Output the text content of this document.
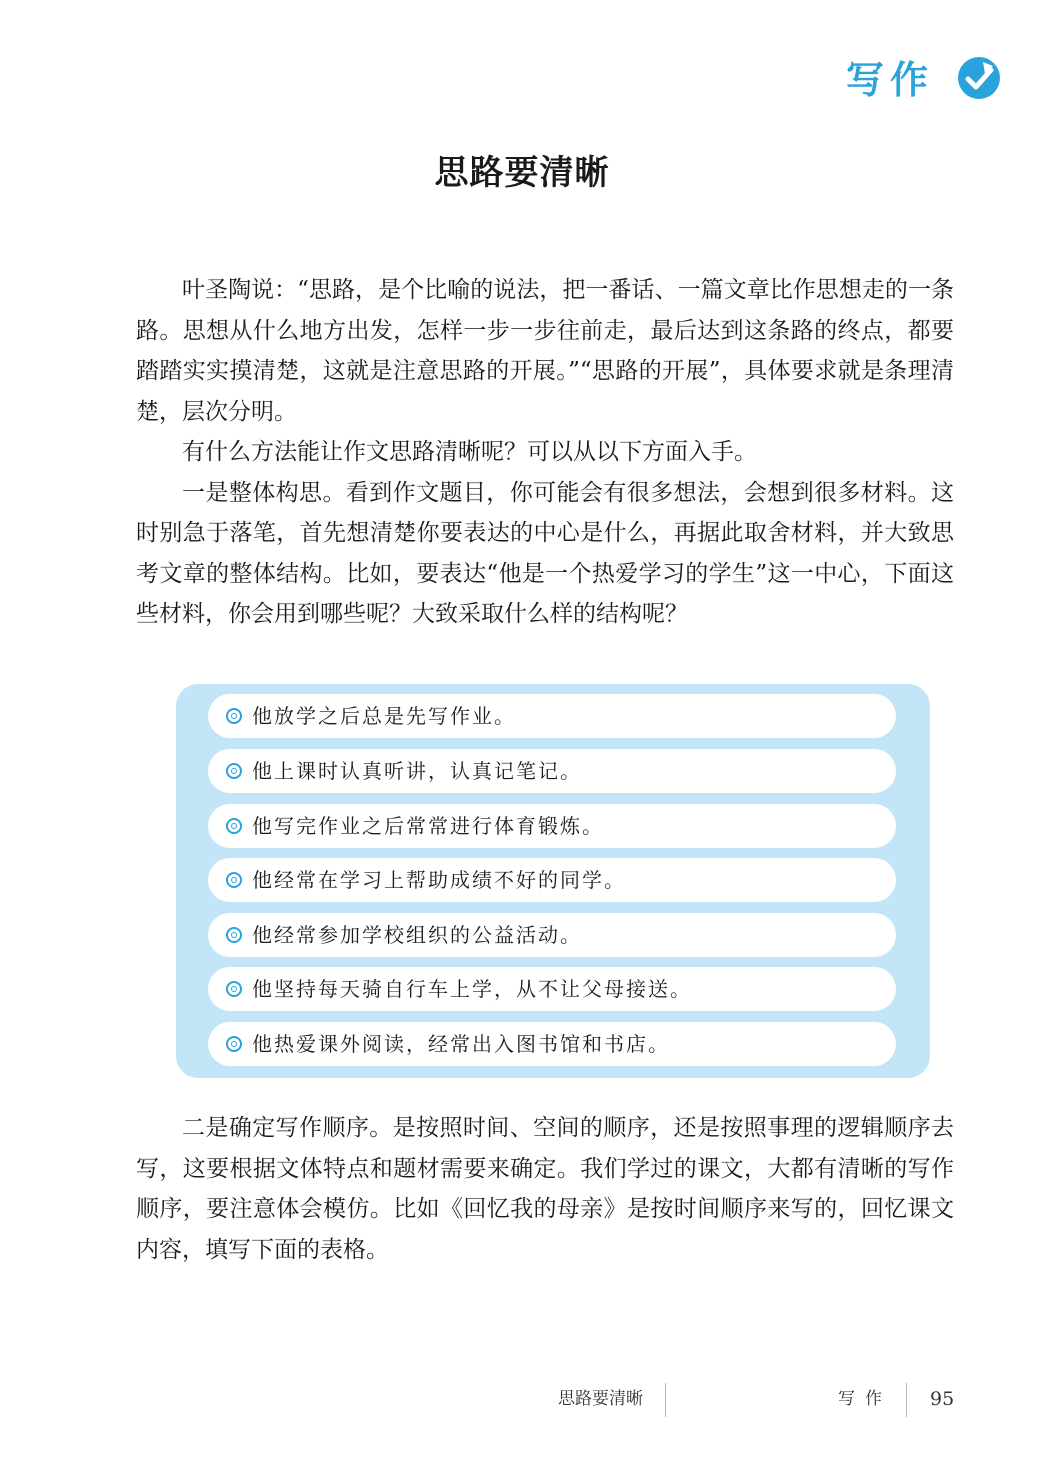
写作
思路要清晰

叶圣陶说：“思路，是个比喻的说法，把一番话、一篇文章比作思想走的一条路。思想从什么地方出发，怎样一步一步往前走，最后达到这条路的终点，都要踏踏实实摸清楚，这就是注意思路的开展。”“思路的开展”，具体要求就是条理清楚，层次分明。

有什么方法能让作文思路清晰呢？可以从以下方面入手。

一是整体构思。看到作文题目，你可能会有很多想法，会想到很多材料。这时别急于落笔，首先想清楚你要表达的中心是什么，再据此取舍材料，并大致思考文章的整体结构。比如，要表达“他是一个热爱学习的学生”这一中心，下面这些材料，你会用到哪些呢？大致采取什么样的结构呢？

他放学之后总是先写作业。
他上课时认真听讲，认真记笔记。
他写完作业之后常常进行体育锻炼。
他经常在学习上帮助成绩不好的同学。
他经常参加学校组织的公益活动。
他坚持每天骑自行车上学，从不让父母接送。
他热爱课外阅读，经常出入图书馆和书店。

二是确定写作顺序。是按照时间、空间的顺序，还是按照事理的逻辑顺序去写，这要根据文体特点和题材需要来确定。我们学过的课文，大都有清晰的写作顺序，要注意体会模仿。比如《回忆我的母亲》是按时间顺序来写的，回忆课文内容，填写下面的表格。

思路要清晰	写作 95
